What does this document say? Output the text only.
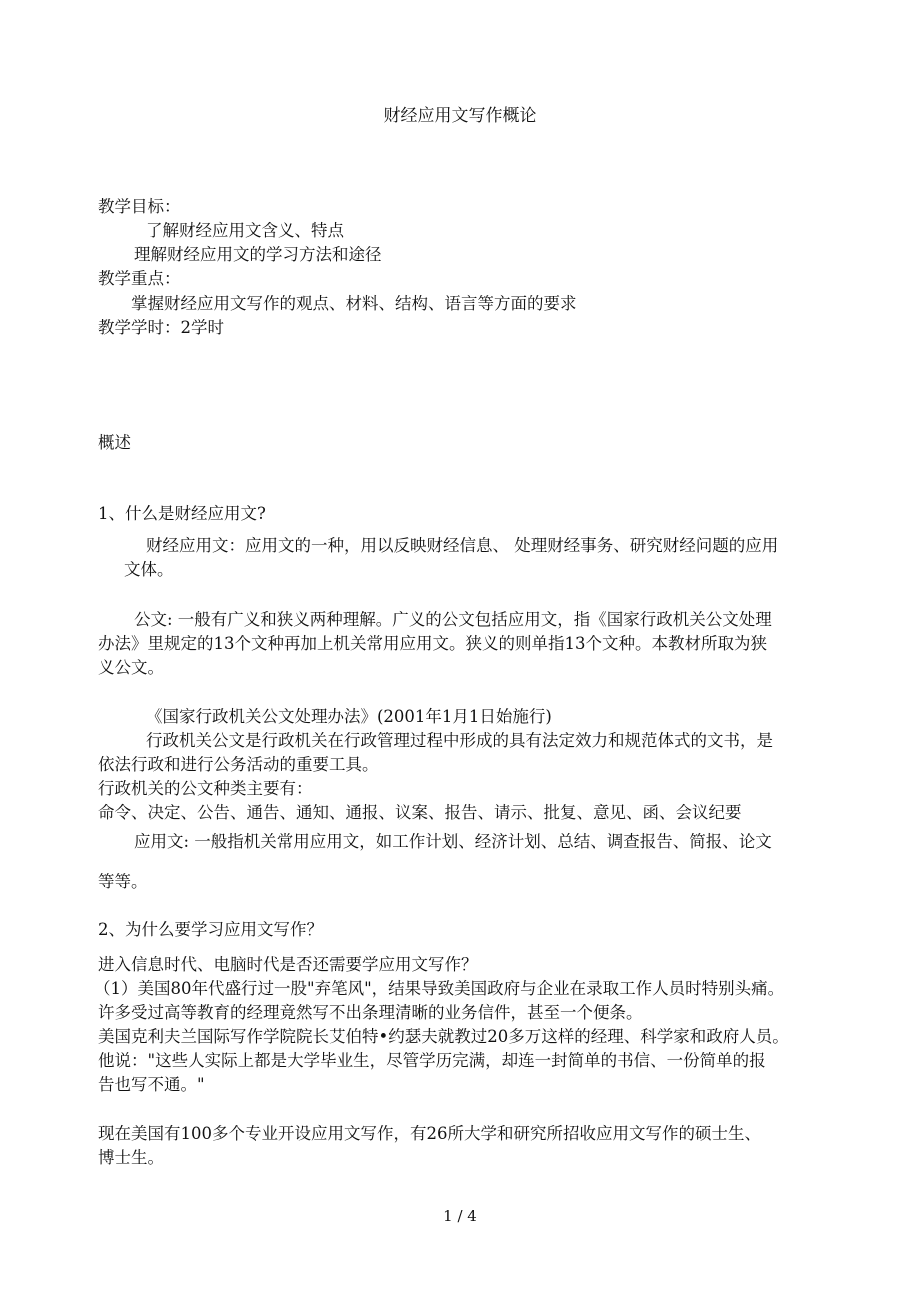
财经应用文写作概论
教学目标：
了解财经应用文含义、特点
理解财经应用文的学习方法和途径
教学重点：
掌握财经应用文写作的观点、材料、结构、语言等方面的要求
教学学时：2学时
概述
1、什么是财经应用文?
财经应用文：应用文的一种，用以反映财经信息、 处理财经事务、研究财经问题的应用
文体。
公文: 一般有广义和狭义两种理解。广义的公文包括应用文，指《国家行政机关公文处理
办法》里规定的13个文种再加上机关常用应用文。狭义的则单指13个文种。本教材所取为狭
义公文。
《国家行政机关公文处理办法》(2001年1月1日始施行)
行政机关公文是行政机关在行政管理过程中形成的具有法定效力和规范体式的文书，是
依法行政和进行公务活动的重要工具。
行政机关的公文种类主要有：
命令、决定、公告、通告、通知、通报、议案、报告、请示、批复、意见、函、会议纪要
应用文: 一般指机关常用应用文，如工作计划、经济计划、总结、调查报告、简报、论文
等等。
2、为什么要学习应用文写作？
进入信息时代、电脑时代是否还需要学应用文写作？
（1）美国80年代盛行过一股"弃笔风"，结果导致美国政府与企业在录取工作人员时特别头痛。
许多受过高等教育的经理竟然写不出条理清晰的业务信件，甚至一个便条。
美国克利夫兰国际写作学院院长艾伯特•约瑟夫就教过20多万这样的经理、科学家和政府人员。
他说："这些人实际上都是大学毕业生，尽管学历完满，却连一封简单的书信、一份简单的报
告也写不通。"
现在美国有100多个专业开设应用文写作，有26所大学和研究所招收应用文写作的硕士生、
博士生。
1 / 4
